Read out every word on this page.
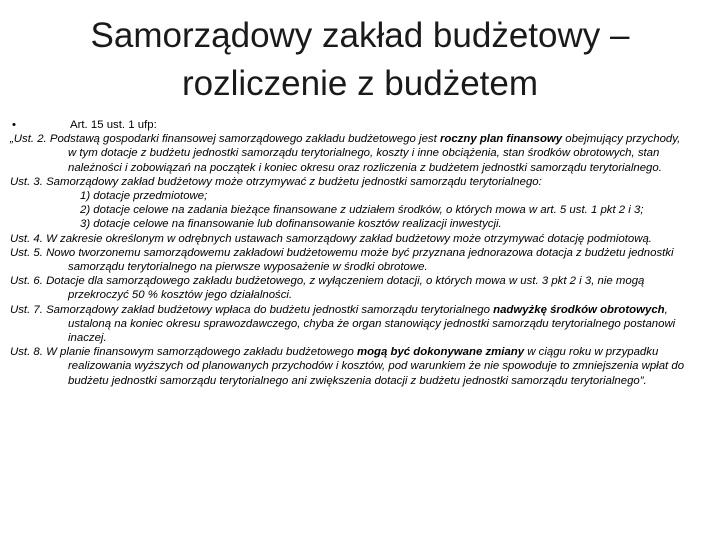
Samorządowy zakład budżetowy –
rozliczenie z budżetem
•	Art. 15 ust. 1 ufp:
„Ust. 2. Podstawą gospodarki finansowej samorządowego zakładu budżetowego jest roczny plan finansowy obejmujący przychody, w tym dotacje z budżetu jednostki samorządu terytorialnego, koszty i inne obciążenia, stan środków obrotowych, stan należności i zobowiązań na początek i koniec okresu oraz rozliczenia z budżetem jednostki samorządu terytorialnego.
Ust. 3. Samorządowy zakład budżetowy może otrzymywać z budżetu jednostki samorządu terytorialnego:
1) dotacje przedmiotowe;
2) dotacje celowe na zadania bieżące finansowane z udziałem środków, o których mowa w art. 5 ust. 1 pkt 2 i 3;
3) dotacje celowe na finansowanie lub dofinansowanie kosztów realizacji inwestycji.
Ust. 4. W zakresie określonym w odrębnych ustawach samorządowy zakład budżetowy może otrzymywać dotację podmiotową.
Ust. 5. Nowo tworzonemu samorządowemu zakładowi budżetowemu może być przyznana jednorazowa dotacja z budżetu jednostki samorządu terytorialnego na pierwsze wyposażenie w środki obrotowe.
Ust. 6. Dotacje dla samorządowego zakładu budżetowego, z wyłączeniem dotacji, o których mowa w ust. 3 pkt 2 i 3, nie mogą przekroczyć 50 % kosztów jego działalności.
Ust. 7. Samorządowy zakład budżetowy wpłaca do budżetu jednostki samorządu terytorialnego nadwyżkę środków obrotowych, ustaloną na koniec okresu sprawozdawczego, chyba że organ stanowiący jednostki samorządu terytorialnego postanowi inaczej.
Ust. 8. W planie finansowym samorządowego zakładu budżetowego mogą być dokonywane zmiany w ciągu roku w przypadku realizowania wyższych od planowanych przychodów i kosztów, pod warunkiem że nie spowoduje to zmniejszenia wpłat do budżetu jednostki samorządu terytorialnego ani zwiększenia dotacji z budżetu jednostki samorządu terytorialnego”.
